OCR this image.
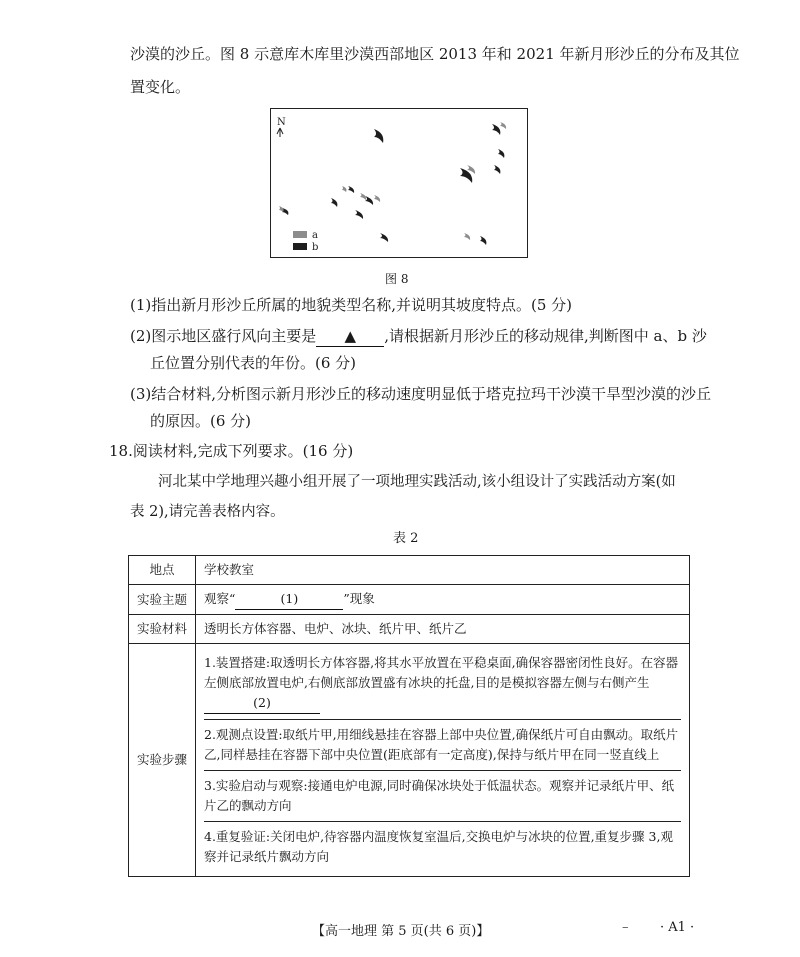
沙漠的沙丘。图 8 示意库木库里沙漠西部地区 2013 年和 2021 年新月形沙丘的分布及其位
置变化。
N
a
b
图 8
(1)指出新月形沙丘所属的地貌类型名称,并说明其坡度特点。(5 分)
(2)图示地区盛行风向主要是 ▲ ,请根据新月形沙丘的移动规律,判断图中 a、b 沙
丘位置分别代表的年份。(6 分)
(3)结合材料,分析图示新月形沙丘的移动速度明显低于塔克拉玛干沙漠干旱型沙漠的沙丘
的原因。(6 分)
18.阅读材料,完成下列要求。(16 分)
河北某中学地理兴趣小组开展了一项地理实践活动,该小组设计了实践活动方案(如
表 2),请完善表格内容。
表 2
地点	学校教室
实验主题	观察“ (1) ”现象
实验材料	透明长方体容器、电炉、冰块、纸片甲、纸片乙
实验步骤	1.装置搭建:取透明长方体容器,将其水平放置在平稳桌面,确保容器密闭性良好。在容器左侧底部放置电炉,右侧底部放置盛有冰块的托盘,目的是模拟容器左侧与右侧产生
(2)
2.观测点设置:取纸片甲,用细线悬挂在容器上部中央位置,确保纸片可自由飘动。取纸片乙,同样悬挂在容器下部中央位置(距底部有一定高度),保持与纸片甲在同一竖直线上
3.实验启动与观察:接通电炉电源,同时确保冰块处于低温状态。观察并记录纸片甲、纸片乙的飘动方向
4.重复验证:关闭电炉,待容器内温度恢复室温后,交换电炉与冰块的位置,重复步骤 3,观察并记录纸片飘动方向
【高一地理 第 5 页(共 6 页)】	– · A1 ·
